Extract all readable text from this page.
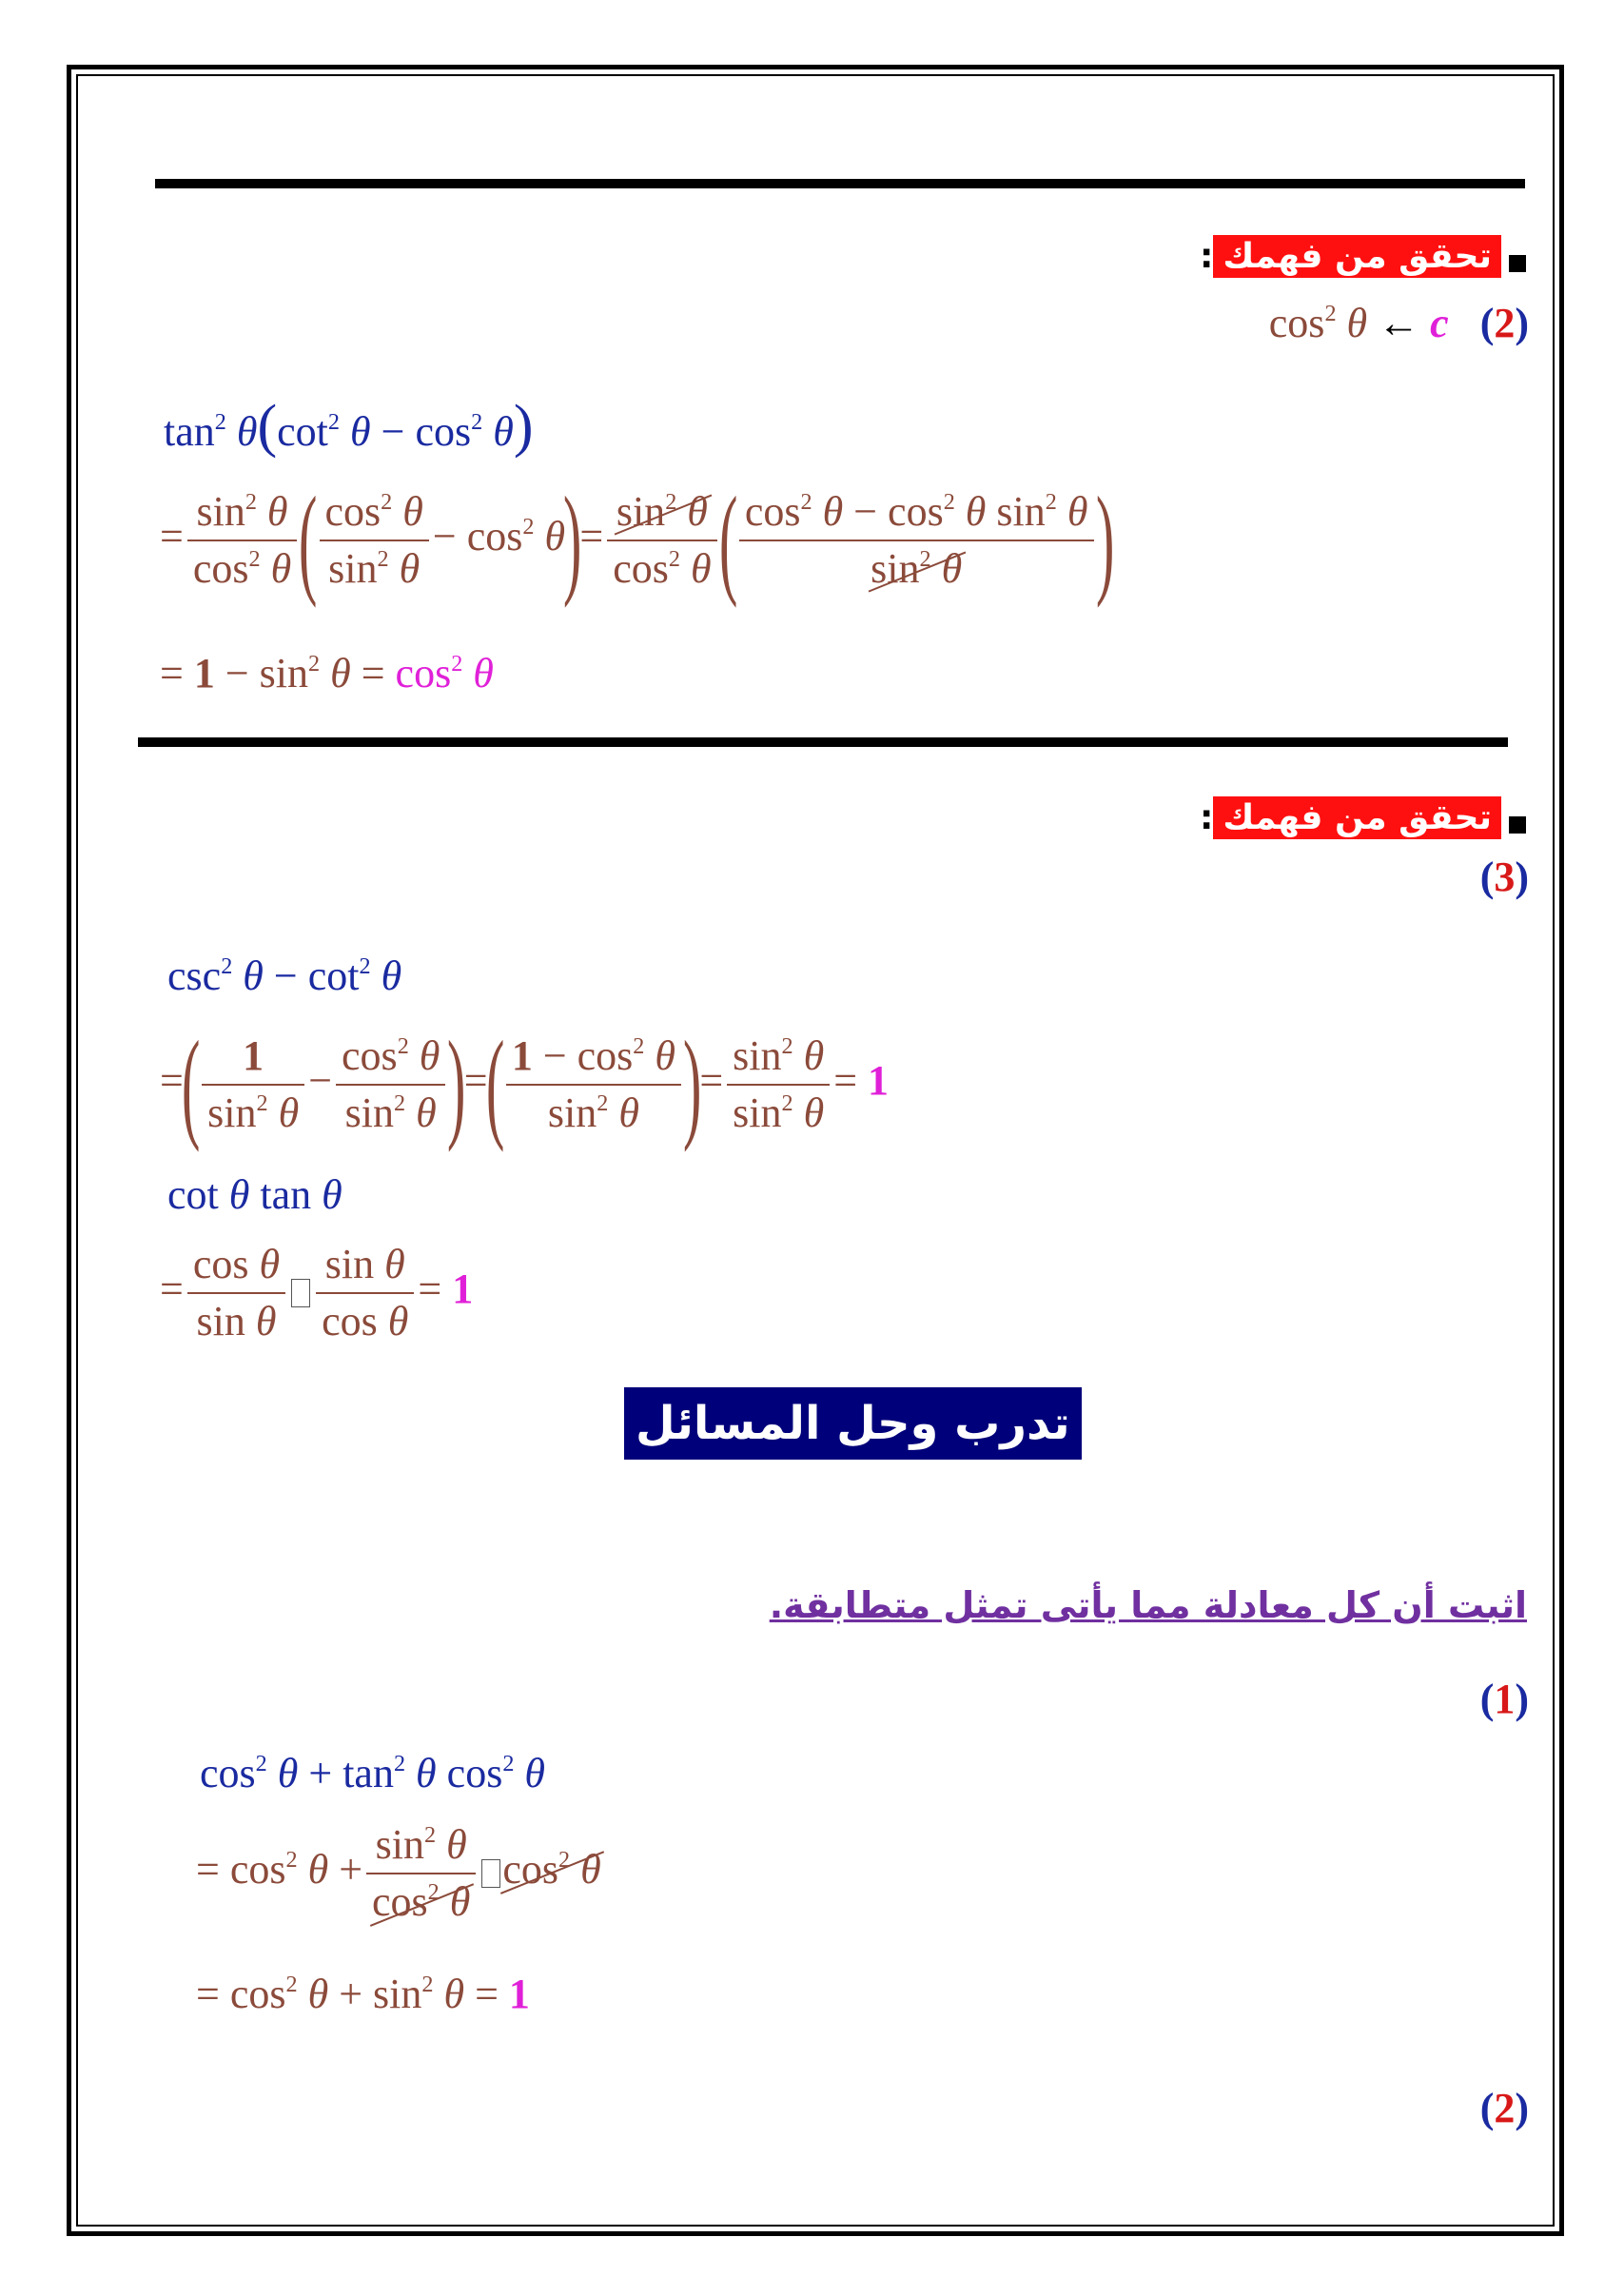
تحقق من فهمك:
$\cos^2 \theta$ ← c (2)
$\tan^2 \theta(\cot^2$ $\theta - \cos^2 \theta$)
= $\frac{\sin^2 \theta}{\cos^2 \theta}$ ( $\frac{\cos^2 \theta}{\sin^2 \theta} - \cos^2 \theta)= \frac{\sin^2 \theta}{\cos^2 \theta}$ ( $\frac{\cos^2 \theta - \cos^2 \theta \sin^2 \theta}{\sin^2 \theta}$ )
= $1 - \sin^2 \theta = \cos^2 \theta$
تحقق من فهمك:
(3)
$\csc^2 \theta - \cot^2 \theta$
=( $\frac{1}{\sin^2 \theta} - \frac{\cos^2 \theta}{\sin^2 \theta}$ )=( $\frac{1 - \cos^2 \theta}{\sin^2 \theta}$ )= $\frac{\sin^2 \theta}{\sin^2 \theta} = 1$
cot θ tan θ
= $\frac{\text{cos θ}}{\text{sin θ}} \frac{\text{sin θ}}{\text{cos θ}} = 1$
تدرب وحل المسائل
اثبت أن كل معادلة مما يأتى تمثل متطابقة.
(1)
$\cos^2 \theta + \tan^2 \theta$ $\cos^2 \theta$
= $\cos^2 \theta + \frac{\sin^2 \theta}{\cos^2 \theta} \cos^2 \theta$
= $\cos^2 \theta + \sin^2 \theta = 1$
(2)
